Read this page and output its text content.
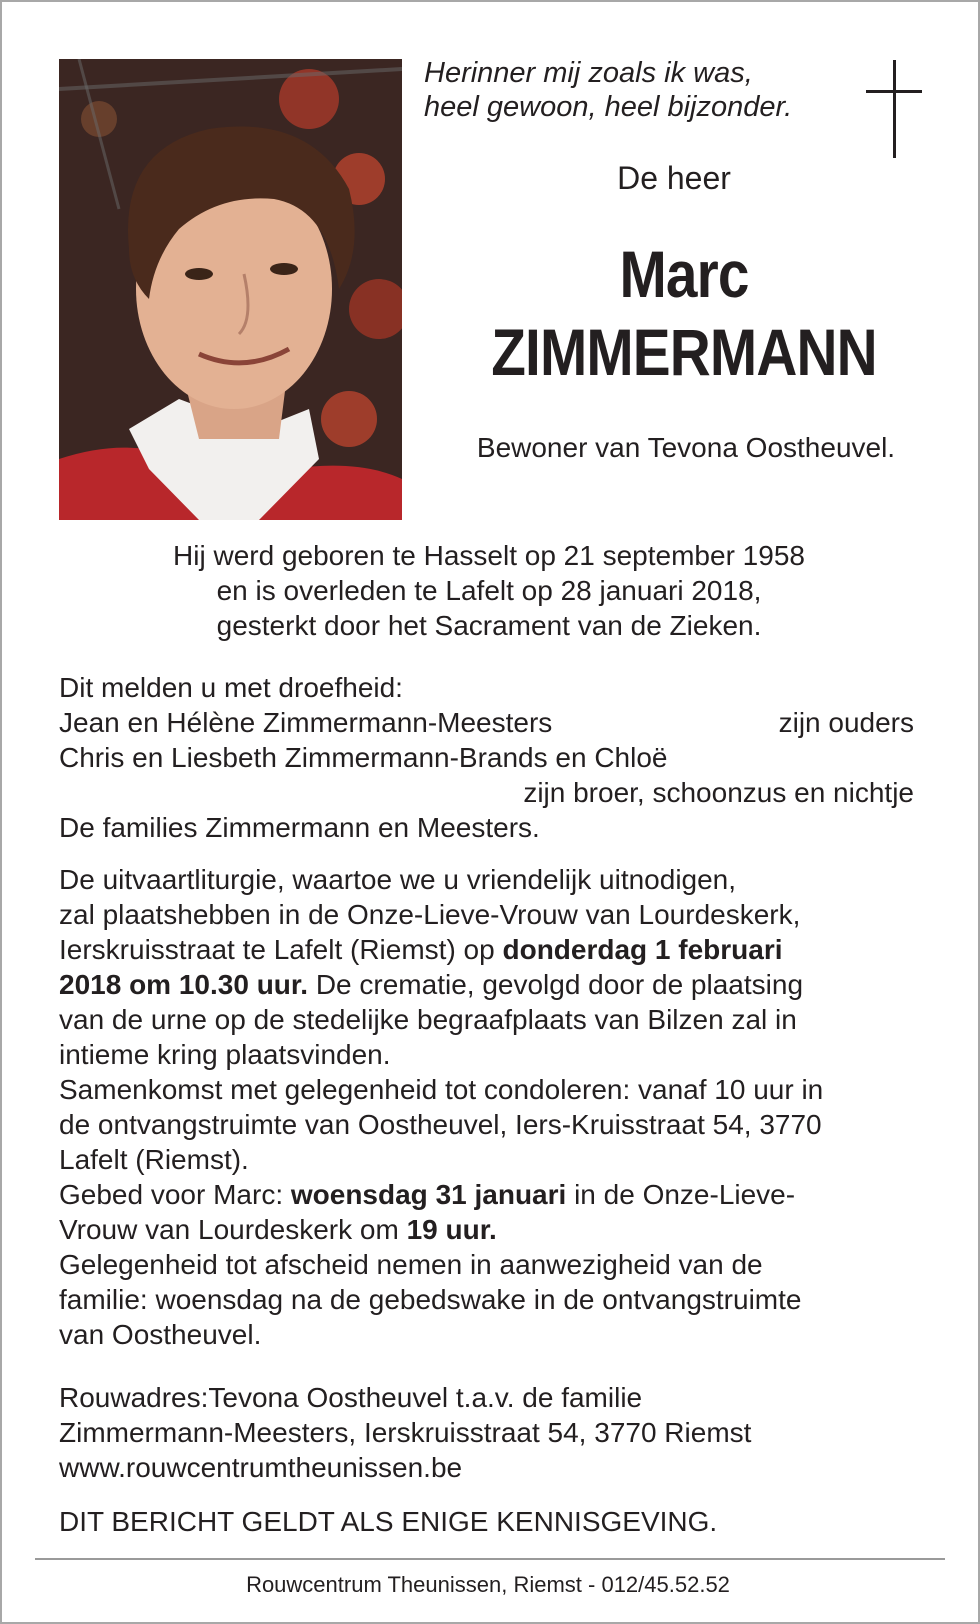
Herinner mij zoals ik was,
heel gewoon, heel bijzonder.
De heer
Marc
ZIMMERMANN
Bewoner van Tevona Oostheuvel.
Hij werd geboren te Hasselt op 21 september 1958
en is overleden te Lafelt op 28 januari 2018,
gesterkt door het Sacrament van de Zieken.
Dit melden u met droefheid:
Jean en Hélène Zimmermann-Meesters	zijn ouders
Chris en Liesbeth Zimmermann-Brands en Chloë
zijn broer, schoonzus en nichtje
De families Zimmermann en Meesters.
De uitvaartliturgie, waartoe we u vriendelijk uitnodigen,
zal plaatshebben in de Onze-Lieve-Vrouw van Lourdeskerk,
Ierskruisstraat te Lafelt (Riemst) op donderdag 1 februari
2018 om 10.30 uur. De crematie, gevolgd door de plaatsing
van de urne op de stedelijke begraafplaats van Bilzen zal in
intieme kring plaatsvinden.
Samenkomst met gelegenheid tot condoleren: vanaf 10 uur in
de ontvangstruimte van Oostheuvel, Iers-Kruisstraat 54, 3770
Lafelt (Riemst).
Gebed voor Marc: woensdag 31 januari in de Onze-Lieve-
Vrouw van Lourdeskerk om 19 uur.
Gelegenheid tot afscheid nemen in aanwezigheid van de
familie: woensdag na de gebedswake in de ontvangstruimte
van Oostheuvel.
Rouwadres:Tevona Oostheuvel t.a.v. de familie
Zimmermann-Meesters, Ierskruisstraat 54, 3770 Riemst
www.rouwcentrumtheunissen.be
DIT BERICHT GELDT ALS ENIGE KENNISGEVING.
Rouwcentrum Theunissen, Riemst - 012/45.52.52
